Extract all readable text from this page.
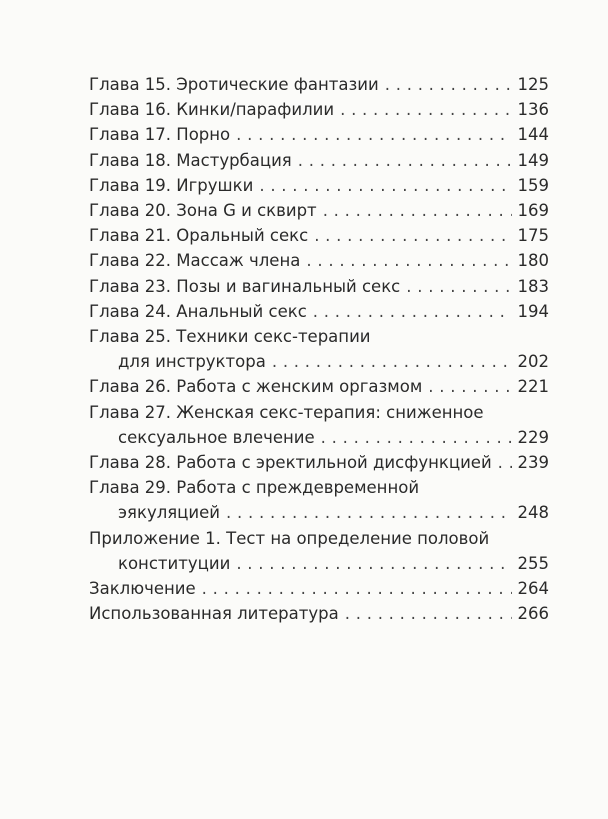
Глава 15. Эротические фантазии . . .	125
Глава 16. Кинки/парафилии . . .	136
Глава 17. Порно . . .	144
Глава 18. Мастурбация . . .	149
Глава 19. Игрушки . . .	159
Глава 20. Зона G и сквирт . . .	169
Глава 21. Оральный секс . . .	175
Глава 22. Массаж члена . . .	180
Глава 23. Позы и вагинальный секс . . .	183
Глава 24. Анальный секс . . .	194
Глава 25. Техники секс-терапии
для инструктора . . .	202
Глава 26. Работа с женским оргазмом . . .	221
Глава 27. Женская секс-терапия: сниженное
сексуальное влечение . . .	229
Глава 28. Работа с эректильной дисфункцией . . . 239
Глава 29. Работа с преждевременной
эякуляцией . . .	248
Приложение 1. Тест на определение половой
конституции . . .	255
Заключение . . .	264
Использованная литература . . .	266
